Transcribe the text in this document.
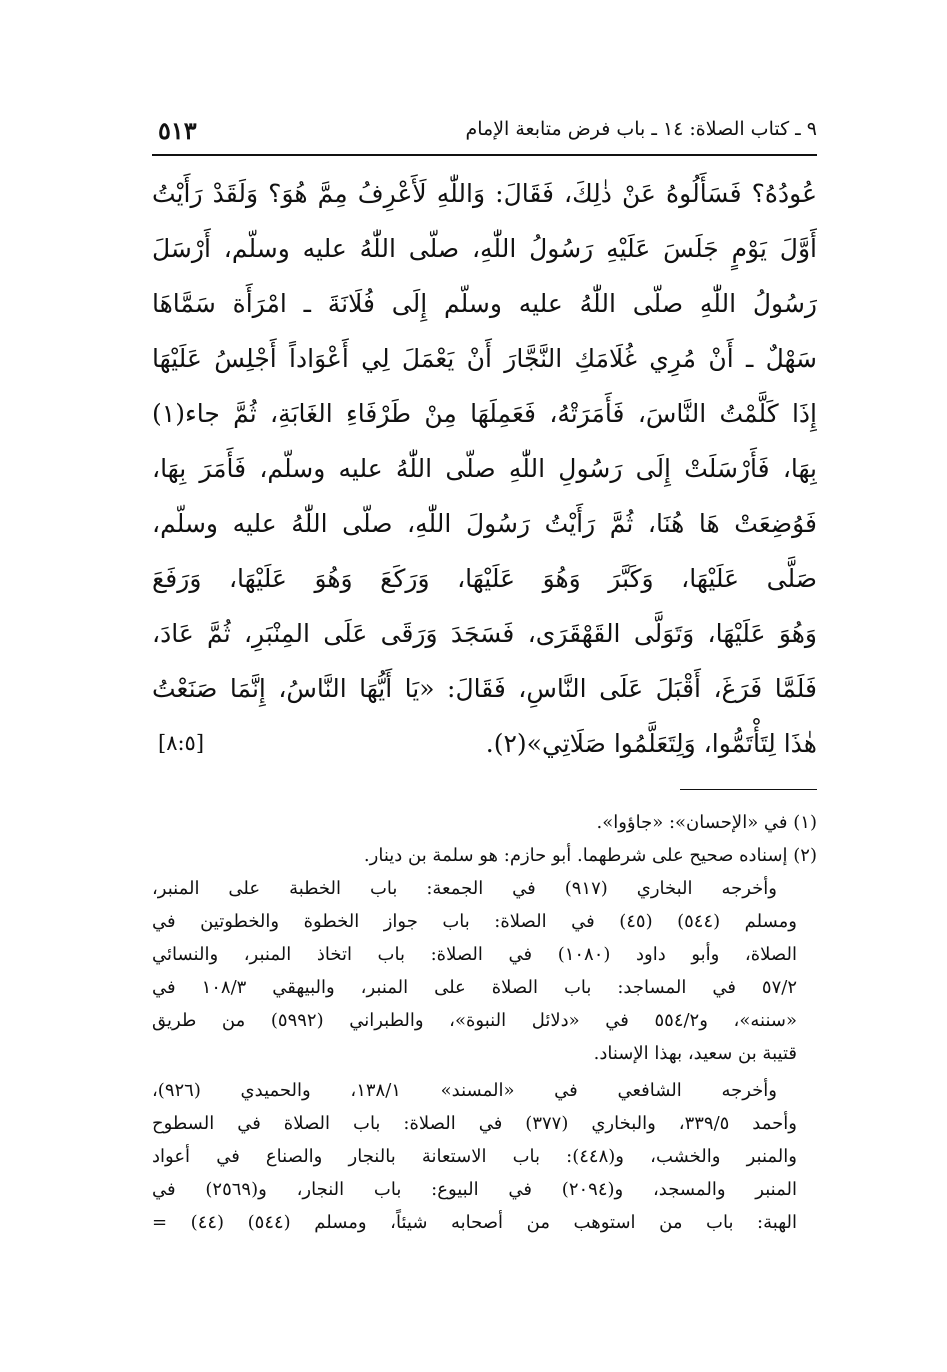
٩ ـ كتاب الصلاة: ١٤ ـ باب فرض متابعة الإمام
٥١٣
عُودُهُ؟ فَسَأَلُوهُ عَنْ ذٰلِكَ، فَقَالَ: وَاللّٰهِ لَأَعْرِفُ مِمَّ هُوَ؟ وَلَقَدْ رَأَيْتُ
أَوَّلَ يَوْمٍ جَلَسَ عَلَيْهِ رَسُولُ اللّٰهِ، صلّى اللّٰهُ عليه وسلّم، أَرْسَلَ
رَسُولُ اللّٰهِ صلّى اللّٰهُ عليه وسلّم إِلَى فُلَانَةَ ـ امْرَأَة سَمَّاهَا
سَهْلٌ ـ أَنْ مُرِي غُلَامَكِ النَّجَّارَ أَنْ يَعْمَلَ لِي أَعْوَاداً أَجْلِسُ عَلَيْهَا
إِذَا كَلَّمْتُ النَّاسَ، فَأَمَرَتْهُ، فَعَمِلَهَا مِنْ طَرْفَاءِ الغَابَةِ، ثُمَّ جاء(١)
بِهَا، فَأَرْسَلَتْ إِلَى رَسُولِ اللّٰهِ صلّى اللّٰهُ عليه وسلّم، فَأَمَرَ بِهَا،
فَوُضِعَتْ هَا هُنَا، ثُمَّ رَأَيْتُ رَسُولَ اللّٰهِ، صلّى اللّٰهُ عليه وسلّم،
صَلَّى عَلَيْهَا، وَكَبَّرَ وَهُوَ عَلَيْهَا، وَرَكَعَ وَهُوَ عَلَيْهَا، وَرَفَعَ
وَهُوَ عَلَيْهَا، وَتَوَلَّى القَهْقَرَى، فَسَجَدَ وَرَقَى عَلَى المِنْبَرِ، ثُمَّ عَادَ،
فَلَمَّا فَرَغَ، أَقْبَلَ عَلَى النَّاسِ، فَقَالَ: «يَا أَيُّهَا النَّاسُ، إِنَّمَا صَنَعْتُ
هٰذَا لِتَأْتَمُّوا، وَلِتَعَلَّمُوا صَلَاتِي»(٢).
[٨:٥]
(١) في «الإحسان»: «جاؤوا».
(٢) إسناده صحيح على شرطهما. أبو حازم: هو سلمة بن دينار.
وأخرجه البخاري (٩١٧) في الجمعة: باب الخطبة على المنبر،
ومسلم (٥٤٤) (٤٥) في الصلاة: باب جواز الخطوة والخطوتين في
الصلاة، وأبو داود (١٠٨٠) في الصلاة: باب اتخاذ المنبر، والنسائي
٥٧/٢ في المساجد: باب الصلاة على المنبر، والبيهقي ١٠٨/٣ في
«سننه»، و٥٥٤/٢ في «دلائل النبوة»، والطبراني (٥٩٩٢) من طريق
قتيبة بن سعيد، بهذا الإسناد.
وأخرجه الشافعي في «المسند» ١٣٨/١، والحميدي (٩٢٦)،
وأحمد ٣٣٩/٥، والبخاري (٣٧٧) في الصلاة: باب الصلاة في السطوح
والمنبر والخشب، و(٤٤٨): باب الاستعانة بالنجار والصناع في أعواد
المنبر والمسجد، و(٢٠٩٤) في البيوع: باب النجار، و(٢٥٦٩) في
الهبة: باب من استوهب من أصحابه شيئاً، ومسلم (٥٤٤) (٤٤) =
